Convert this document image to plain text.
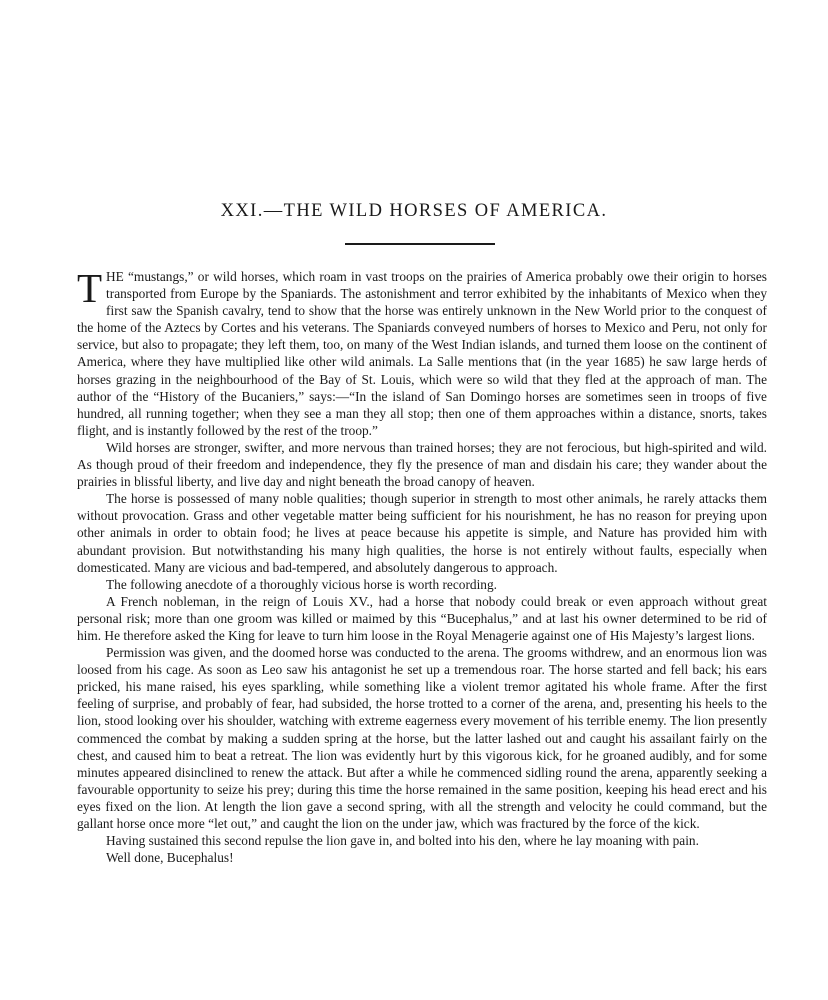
XXI.—THE WILD HORSES OF AMERICA.

THE “mustangs,” or wild horses, which roam in vast troops on the prairies of America probably owe their origin to horses transported from Europe by the Spaniards. The astonishment and terror exhibited by the inhabitants of Mexico when they first saw the Spanish cavalry, tend to show that the horse was entirely unknown in the New World prior to the conquest of the home of the Aztecs by Cortes and his veterans. The Spaniards conveyed numbers of horses to Mexico and Peru, not only for service, but also to propagate; they left them, too, on many of the West Indian islands, and turned them loose on the continent of America, where they have multiplied like other wild animals. La Salle mentions that (in the year 1685) he saw large herds of horses grazing in the neighbourhood of the Bay of St. Louis, which were so wild that they fled at the approach of man. The author of the “History of the Bucaniers,” says:—“In the island of San Domingo horses are sometimes seen in troops of five hundred, all running together; when they see a man they all stop; then one of them approaches within a distance, snorts, takes flight, and is instantly followed by the rest of the troop.”

Wild horses are stronger, swifter, and more nervous than trained horses; they are not ferocious, but high-spirited and wild. As though proud of their freedom and independence, they fly the presence of man and disdain his care; they wander about the prairies in blissful liberty, and live day and night beneath the broad canopy of heaven.

The horse is possessed of many noble qualities; though superior in strength to most other animals, he rarely attacks them without provocation. Grass and other vegetable matter being sufficient for his nourishment, he has no reason for preying upon other animals in order to obtain food; he lives at peace because his appetite is simple, and Nature has provided him with abundant provision. But notwithstanding his many high qualities, the horse is not entirely without faults, especially when domesticated. Many are vicious and bad-tempered, and absolutely dangerous to approach.

The following anecdote of a thoroughly vicious horse is worth recording.

A French nobleman, in the reign of Louis XV., had a horse that nobody could break or even approach without great personal risk; more than one groom was killed or maimed by this “Bucephalus,” and at last his owner determined to be rid of him. He therefore asked the King for leave to turn him loose in the Royal Menagerie against one of His Majesty’s largest lions.

Permission was given, and the doomed horse was conducted to the arena. The grooms withdrew, and an enormous lion was loosed from his cage. As soon as Leo saw his antagonist he set up a tremendous roar. The horse started and fell back; his ears pricked, his mane raised, his eyes sparkling, while something like a violent tremor agitated his whole frame. After the first feeling of surprise, and probably of fear, had subsided, the horse trotted to a corner of the arena, and, presenting his heels to the lion, stood looking over his shoulder, watching with extreme eagerness every movement of his terrible enemy. The lion presently commenced the combat by making a sudden spring at the horse, but the latter lashed out and caught his assailant fairly on the chest, and caused him to beat a retreat. The lion was evidently hurt by this vigorous kick, for he groaned audibly, and for some minutes appeared disinclined to renew the attack. But after a while he commenced sidling round the arena, apparently seeking a favourable opportunity to seize his prey; during this time the horse remained in the same position, keeping his head erect and his eyes fixed on the lion. At length the lion gave a second spring, with all the strength and velocity he could command, but the gallant horse once more “let out,” and caught the lion on the under jaw, which was fractured by the force of the kick.

Having sustained this second repulse the lion gave in, and bolted into his den, where he lay moaning with pain.

Well done, Bucephalus!
